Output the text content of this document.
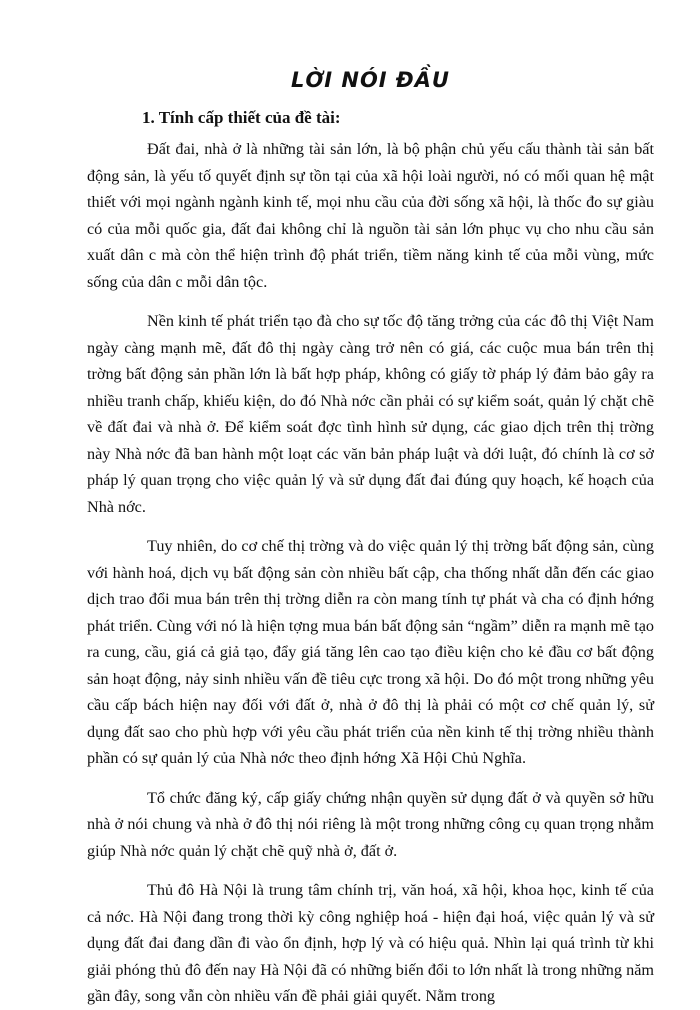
LỜI NÓI ĐẦU
1. Tính cấp thiết của đề tài:

Đất đai, nhà ở là những tài sản lớn, là bộ phận chủ yếu cấu thành tài sản bất động sản, là yếu tố quyết định sự tồn tại của xã hội loài người, nó có mối quan hệ mật thiết với mọi ngành ngành kinh tế, mọi nhu cầu của đời sống xã hội, là thốc đo sự giàu có của mỗi quốc gia, đất đai không chỉ là nguồn tài sản lớn phục vụ cho nhu cầu sản xuất dân c mà còn thể hiện trình độ phát triển, tiềm năng kinh tế của mỗi vùng, mức sống của dân c mỗi dân tộc.

Nền kinh tế phát triển tạo đà cho sự tốc độ tăng trởng của các đô thị Việt Nam ngày càng mạnh mẽ, đất đô thị ngày càng trở nên có giá, các cuộc mua bán trên thị trờng bất động sản phần lớn là bất hợp pháp, không có giấy tờ pháp lý đảm bảo gây ra nhiều tranh chấp, khiếu kiện, do đó Nhà nớc cần phải có sự kiểm soát, quản lý chặt chẽ về đất đai và nhà ở. Để kiểm soát đợc tình hình sử dụng, các giao dịch trên thị trờng này Nhà nớc đã ban hành một loạt các văn bản pháp luật và dới luật, đó chính là cơ sở pháp lý quan trọng cho việc quản lý và sử dụng đất đai đúng quy hoạch, kế hoạch của Nhà nớc.

Tuy nhiên, do cơ chế thị trờng và do việc quản lý thị trờng bất động sản, cùng với hành hoá, dịch vụ bất động sản còn nhiều bất cập, cha thống nhất dẫn đến các giao dịch trao đổi mua bán trên thị trờng diễn ra còn mang tính tự phát và cha có định hớng phát triển. Cùng với nó là hiện tợng mua bán bất động sản “ngầm” diễn ra mạnh mẽ tạo ra cung, cầu, giá cả giả tạo, đẩy giá tăng lên cao tạo điều kiện cho kẻ đầu cơ bất động sản hoạt động, nảy sinh nhiều vấn đề tiêu cực trong xã hội. Do đó một trong những yêu cầu cấp bách hiện nay đối với đất ở, nhà ở đô thị là phải có một cơ chế quản lý, sử dụng đất sao cho phù hợp với yêu cầu phát triển của nền kinh tế thị trờng nhiều thành phần có sự quản lý của Nhà nớc theo định hớng Xã Hội Chủ Nghĩa.

Tổ chức đăng ký, cấp giấy chứng nhận quyền sử dụng đất ở và quyền sở hữu nhà ở nói chung và nhà ở đô thị nói riêng là một trong những công cụ quan trọng nhằm giúp Nhà nớc quản lý chặt chẽ quỹ nhà ở, đất ở.

Thủ đô Hà Nội là trung tâm chính trị, văn hoá, xã hội, khoa học, kinh tế của cả nớc. Hà Nội đang trong thời kỳ công nghiệp hoá - hiện đại hoá, việc quản lý và sử dụng đất đai đang dần đi vào ổn định, hợp lý và có hiệu quả. Nhìn lại quá trình từ khi giải phóng thủ đô đến nay Hà Nội đã có những biến đổi to lớn nhất là trong những năm gần đây, song vẫn còn nhiều vấn đề phải giải quyết. Nằm trong
